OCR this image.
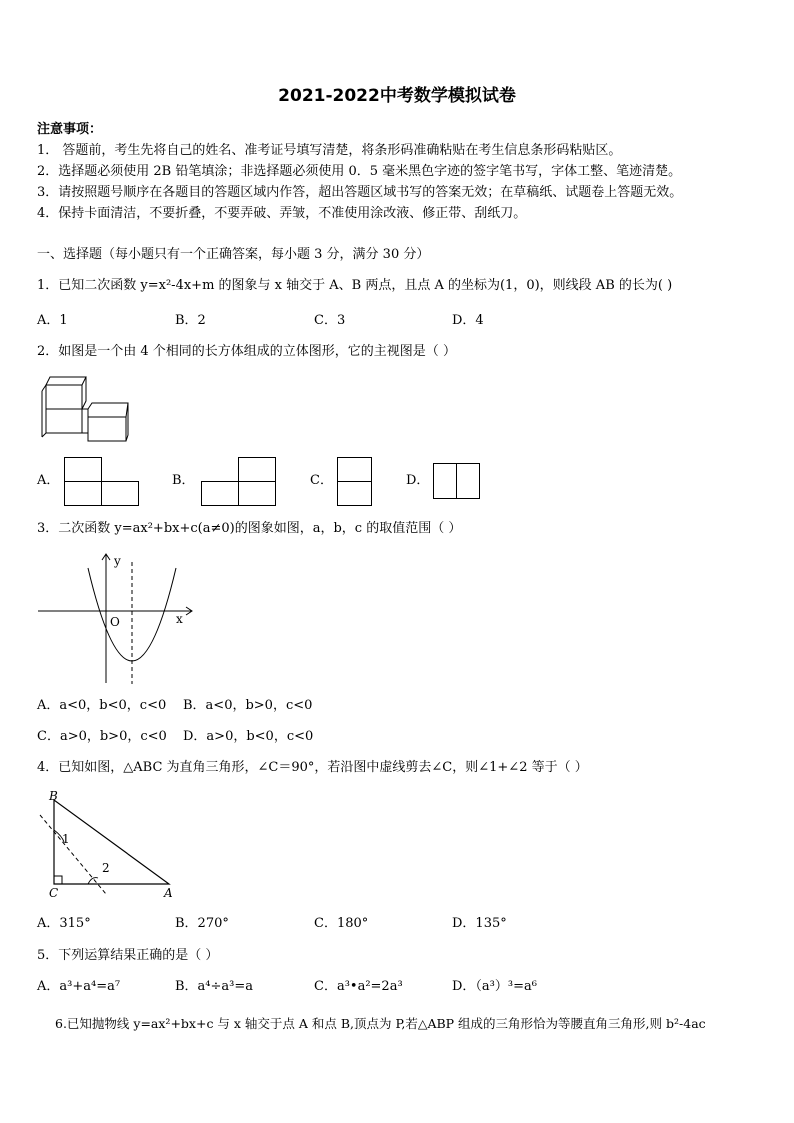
2021-2022中考数学模拟试卷
注意事项：
1． 答题前，考生先将自己的姓名、准考证号填写清楚，将条形码准确粘贴在考生信息条形码粘贴区。
2．选择题必须使用 2B 铅笔填涂；非选择题必须使用 0．5 毫米黑色字迹的签字笔书写，字体工整、笔迹清楚。
3．请按照题号顺序在各题目的答题区域内作答，超出答题区域书写的答案无效；在草稿纸、试题卷上答题无效。
4．保持卡面清洁，不要折叠，不要弄破、弄皱，不准使用涂改液、修正带、刮纸刀。
一、选择题（每小题只有一个正确答案，每小题 3 分，满分 30 分）
1．已知二次函数 y=x²-4x+m 的图象与 x 轴交于 A、B 两点，且点 A 的坐标为(1，0)，则线段 AB 的长为( )
A．1	B．2	C．3	D．4
2．如图是一个由 4 个相同的长方体组成的立体图形，它的主视图是（ ）
A．	B．	C．	D．
3．二次函数 y=ax²+bx+c(a≠0)的图象如图，a，b，c 的取值范围（ ）
y
x
O
A．a<0，b<0，c<0 B．a<0，b>0，c<0
C．a>0，b>0，c<0 D．a>0，b<0，c<0
4．已知如图，△ABC 为直角三角形，∠C＝90°，若沿图中虚线剪去∠C，则∠1+∠2 等于（ ）
B
C	A
1
2
A．315°	B．270°	C．180°	D．135°
5．下列运算结果正确的是（ ）
A．a³+a⁴=a⁷	B．a⁴÷a³=a	C．a³•a²=2a³	D．（a³）³=a⁶
6.已知抛物线 y=ax²+bx+c 与 x 轴交于点 A 和点 B,顶点为 P,若△ABP 组成的三角形恰为等腰直角三角形,则 b²-4ac
